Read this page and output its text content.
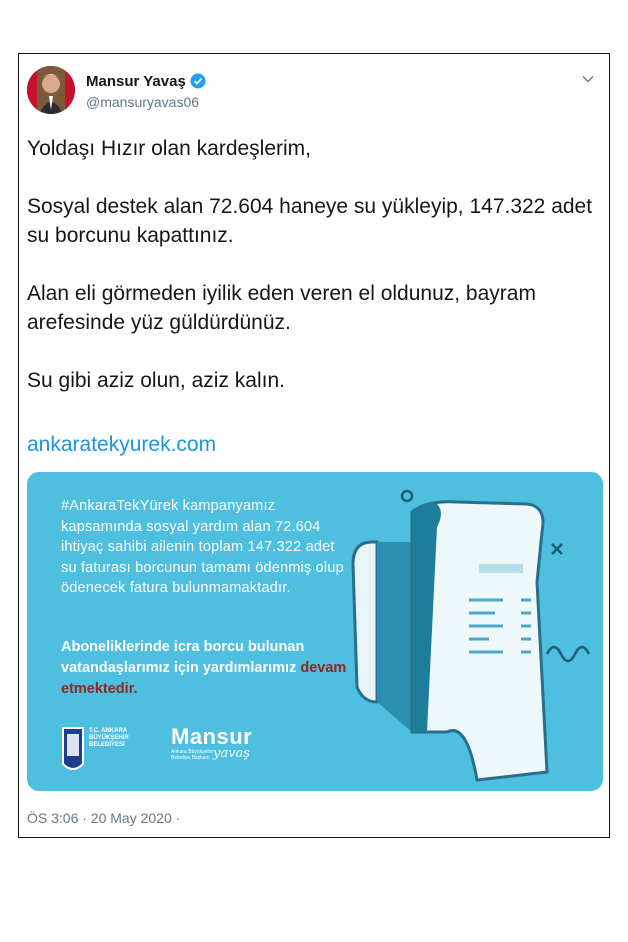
Mansur Yavaş
@mansuryavas06

Yoldaşı Hızır olan kardeşlerim,

Sosyal destek alan 72.604 haneye su yükleyip, 147.322 adet su borcunu kapattınız.

Alan eli görmeden iyilik eden veren el oldunuz, bayram arefesinde yüz güldürdünüz.

Su gibi aziz olun, aziz kalın.

ankaratekyurek.com
#AnkaraTekYürek kampanyamız kapsamında sosyal yardım alan 72.604 ihtiyaç sahibi ailenin toplam 147.322 adet su faturası borcunun tamamı ödenmiş olup ödenecek fatura bulunmamaktadır.
Aboneliklerinde icra borcu bulunan vatandaşlarımız için yardımlarımız devam etmektedir.
T.C. ANKARA BÜYÜKŞEHİR BELEDİYESİ	Mansur
Ankara Büyükşehir Belediye Başkanı yavaş
ÖS 3:06 · 20 May 2020 ·
